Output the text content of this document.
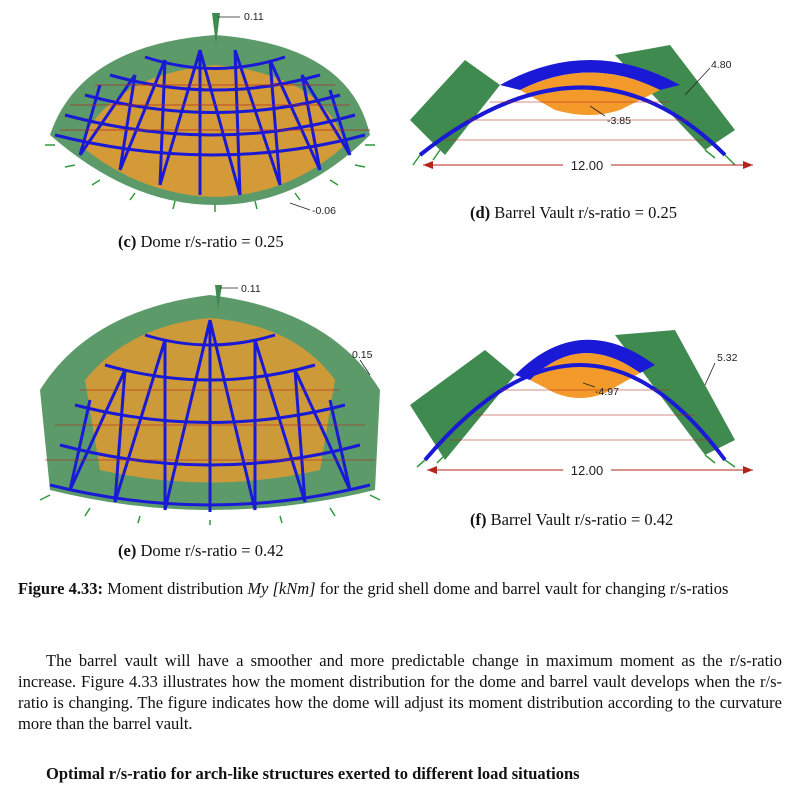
0.11
-0.06
(c) Dome r/s-ratio = 0.25
4.80
-3.85
12.00
(d) Barrel Vault r/s-ratio = 0.25
0.11
0.15
(e) Dome r/s-ratio = 0.42
5.32
-4.97
12.00
(f) Barrel Vault r/s-ratio = 0.42
Figure 4.33: Moment distribution My [kNm] for the grid shell dome and barrel vault for changing r/s-ratios

The barrel vault will have a smoother and more predictable change in maximum moment as the r/s-ratio increase. Figure 4.33 illustrates how the moment distribution for the dome and barrel vault develops when the r/s-ratio is changing. The figure indicates how the dome will adjust its moment distribution according to the curvature more than the barrel vault.

Optimal r/s-ratio for arch-like structures exerted to different load situations
